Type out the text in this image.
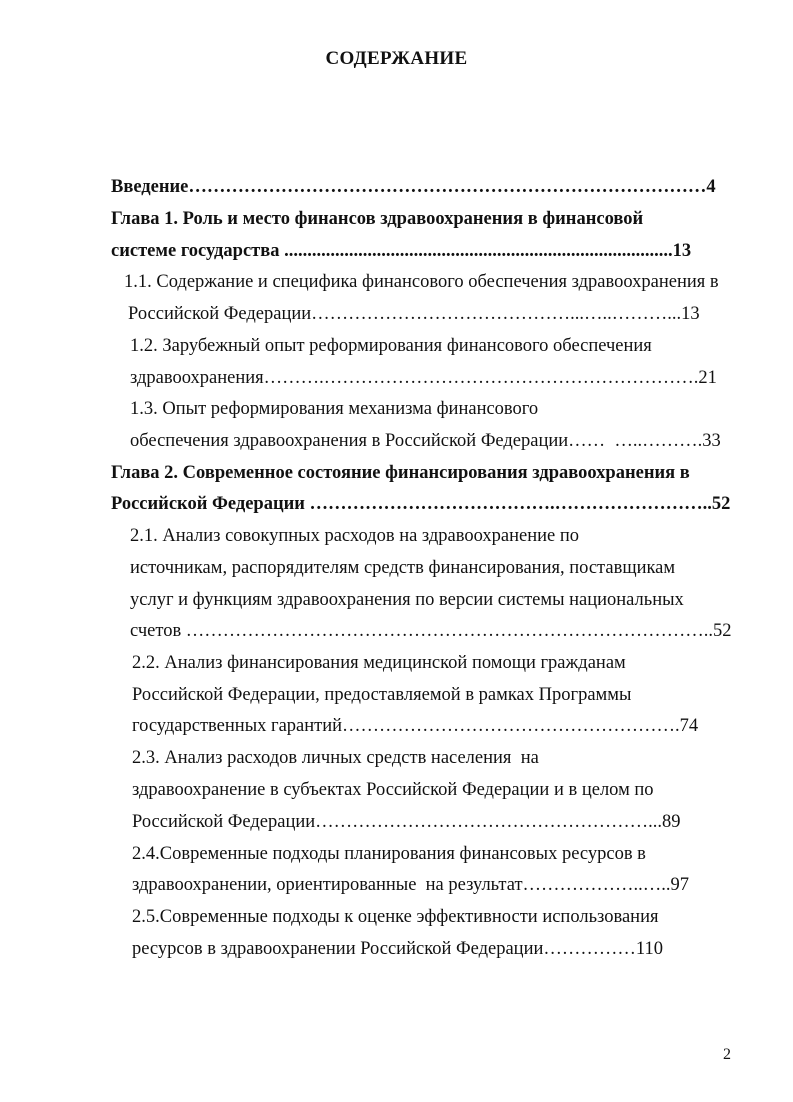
СОДЕРЖАНИЕ
Введение…………………………………………………………………………4
Глава 1. Роль и место финансов здравоохранения в финансовой
системе государства ....................................................................................13
1.1. Содержание и специфика финансового обеспечения здравоохранения в
Российской Федерации……………………………………...…..………...13
1.2. Зарубежный опыт реформирования финансового обеспечения
здравоохранения……….…………………………………………………….21
1.3. Опыт реформирования механизма финансового
обеспечения здравоохранения в Российской Федерации……  …..……….33
Глава 2. Современное состояние финансирования здравоохранения в
Российской Федерации ………………………………….……………………..52
2.1. Анализ совокупных расходов на здравоохранение по
источникам, распорядителям средств финансирования, поставщикам
услуг и функциям здравоохранения по версии системы национальных
счетов …………………………………………………………………………..52
2.2. Анализ финансирования медицинской помощи гражданам
Российской Федерации, предоставляемой в рамках Программы
государственных гарантий……………………………………………….74
2.3. Анализ расходов личных средств населения  на
здравоохранение в субъектах Российской Федерации и в целом по
Российской Федерации………………………………………………...89
2.4.Современные подходы планирования финансовых ресурсов в
здравоохранении, ориентированные  на результат………………..…..97
2.5.Современные подходы к оценке эффективности использования
ресурсов в здравоохранении Российской Федерации……………110
2
